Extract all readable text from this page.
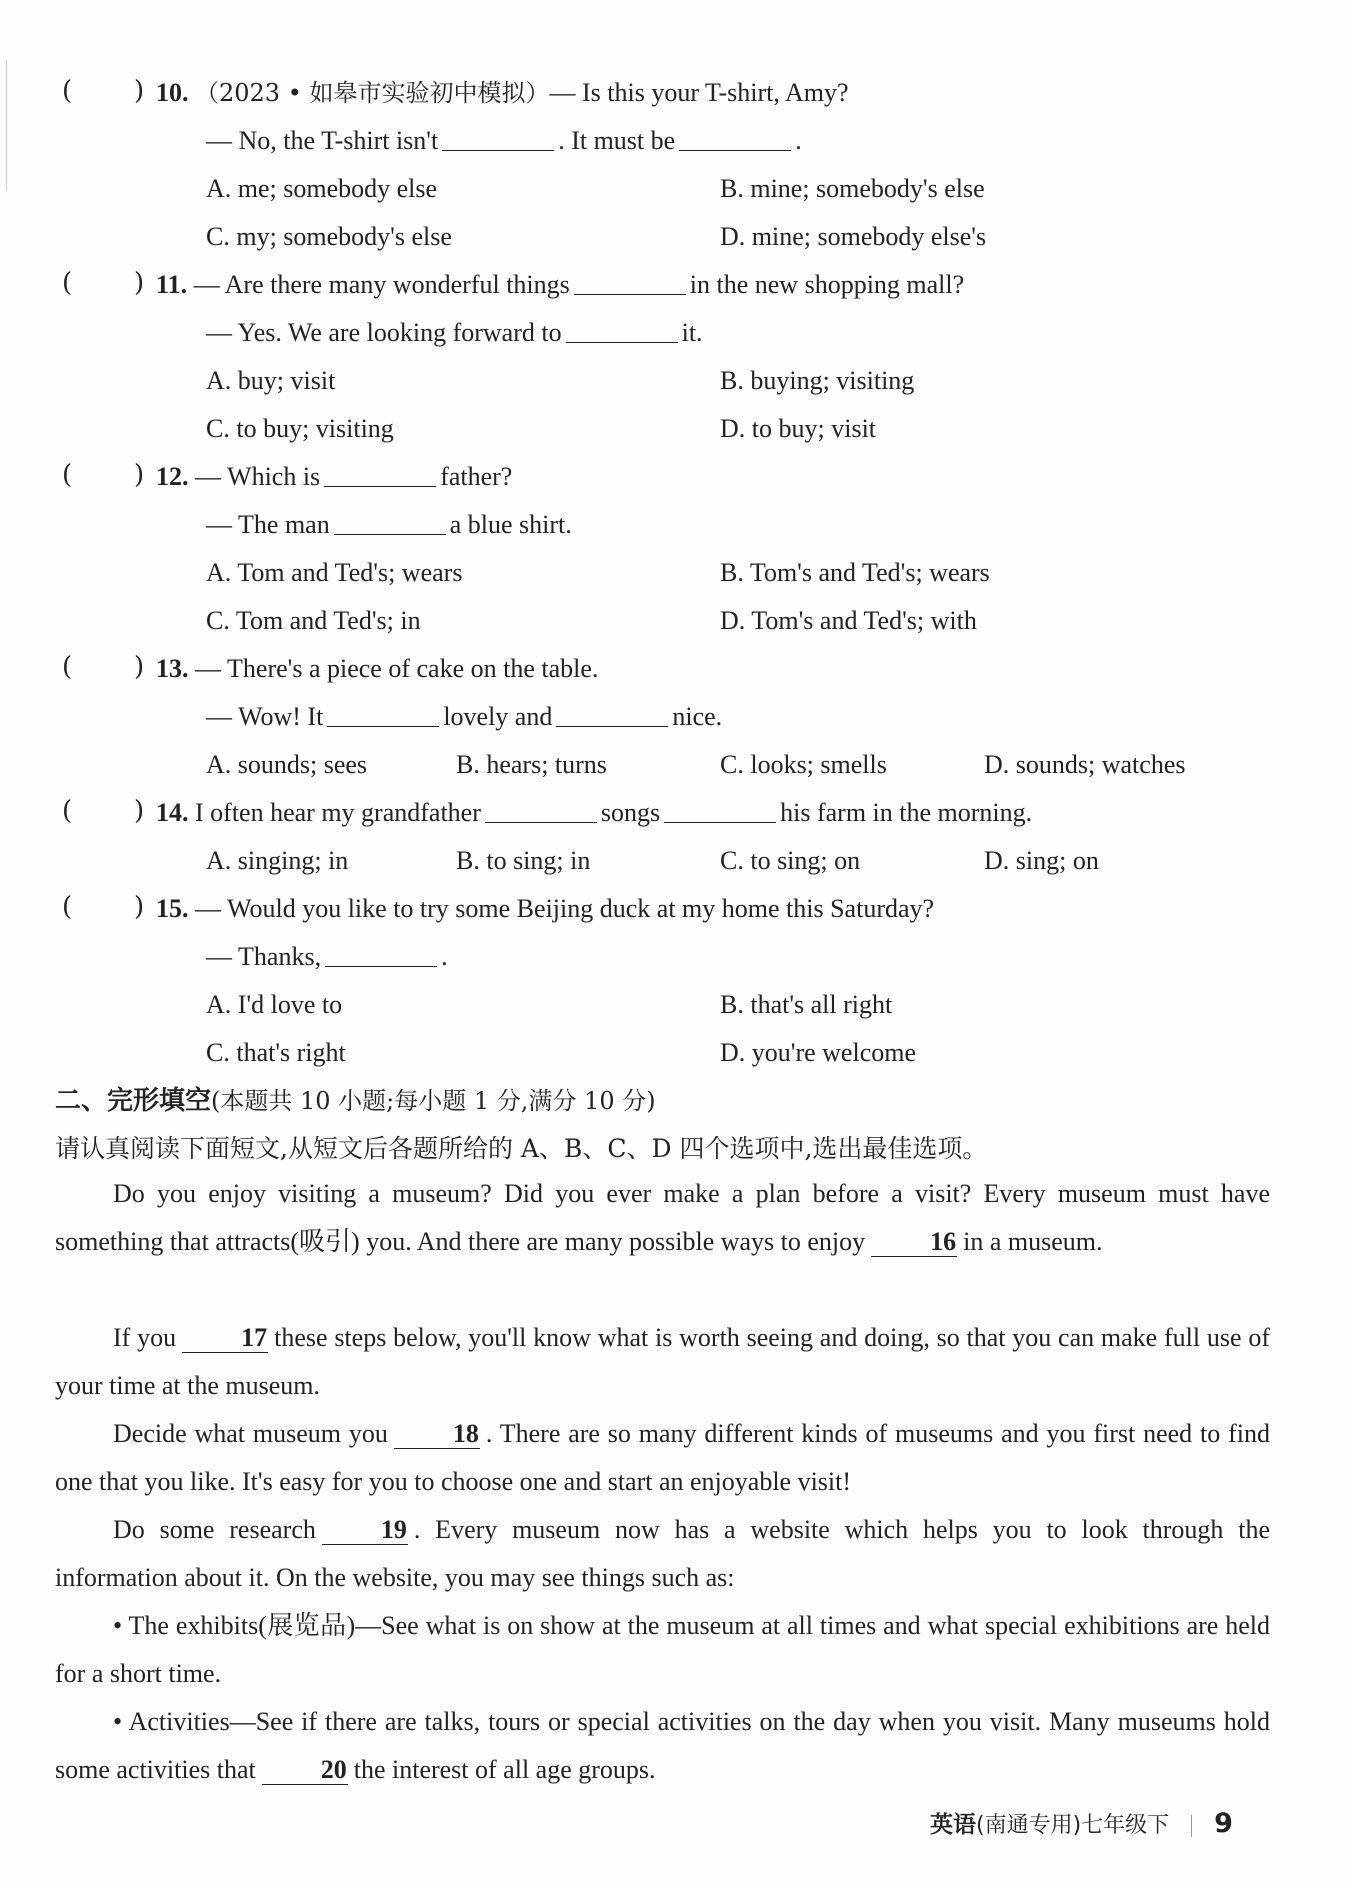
( ) 10. （2023 • 如皋市实验初中模拟）— Is this your T-shirt, Amy?
— No, the T-shirt isn't	. It must be	.
A. me; somebody else	B. mine; somebody's else
C. my; somebody's else	D. mine; somebody else's
( ) 11. — Are there many wonderful things	in the new shopping mall?
— Yes. We are looking forward to	it.
A. buy; visit	B. buying; visiting
C. to buy; visiting	D. to buy; visit
( ) 12. — Which is	father?
— The man	a blue shirt.
A. Tom and Ted's; wears	B. Tom's and Ted's; wears
C. Tom and Ted's; in	D. Tom's and Ted's; with
( ) 13. — There's a piece of cake on the table.
— Wow! It	lovely and	nice.
A. sounds; sees	B. hears; turns	C. looks; smells	D. sounds; watches
( ) 14. I often hear my grandfather	songs	his farm in the morning.
A. singing; in	B. to sing; in	C. to sing; on	D. sing; on
( ) 15. — Would you like to try some Beijing duck at my home this Saturday?
— Thanks,	.
A. I'd love to	B. that's all right
C. that's right	D. you're welcome
二、完形填空(本题共 10 小题;每小题 1 分,满分 10 分)
请认真阅读下面短文,从短文后各题所给的 A、B、C、D 四个选项中,选出最佳选项。
Do you enjoy visiting a museum? Did you ever make a plan before a visit? Every museum must have something that attracts(吸引) you. And there are many possible ways to enjoy	16 in a museum.
If you	17 these steps below, you'll know what is worth seeing and doing, so that you can make full use of your time at the museum.
Decide what museum you	18 . There are so many different kinds of museums and you first need to find one that you like. It's easy for you to choose one and start an enjoyable visit!
Do some research	19 . Every museum now has a website which helps you to look through the information about it. On the website, you may see things such as:
• The exhibits(展览品)—See what is on show at the museum at all times and what special exhibitions are held for a short time.
• Activities—See if there are talks, tours or special activities on the day when you visit. Many museums hold some activities that	20 the interest of all age groups.
英语(南通专用)七年级下 9
